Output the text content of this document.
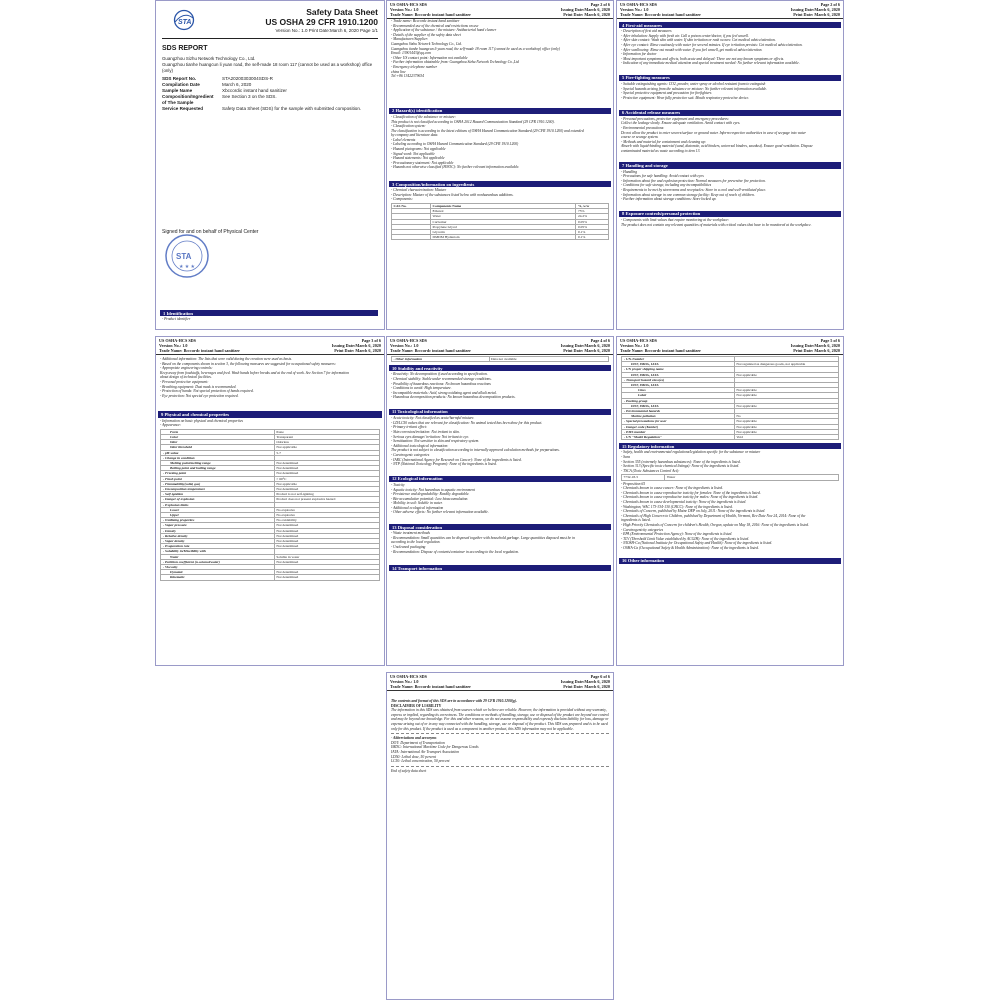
STA
Safety Data Sheet
US OSHA 29 CFR 1910.1200
Version No.: 1.0 Print Date:March 6, 2020 Page 1/1
SDS REPORT
Guangzhou Sizhu Network Technology Co., Ltd.
Guangzhou tianhe huangcun li yuan road, the self-made 18 room 117 (cannot be used as a workshop) office (only)
SDS Report No.	STA20200303004SDS-R
Compilation Date	March 6, 2020
Sample Name	Xbccordic instant hand sanitizer
Composition/Ingredient	See Section 3 on the SDS.
of The Sample
Service Requested	Safety Data Sheet (SDS) for the sample with submitted composition.
Signed for and on behalf of Physical Center
STA
★ ★ ★
1 Identification
- Product identifier
US OSHA-HCS SDS	Page 2 of 6
Version No.: 1.0	Issuing Date:March 6, 2020
Trade Name: Bcccordc instant hand sanitizer	Print Date: March 6, 2020
- Trade name: Bcccordc instant hand sanitizer
- Recommended use of the chemical and restrictions on use
- Application of the substance / the mixture: Antibacterial hand cleaner
- Details of the supplier of the safety data sheet
- Manufacturer/Supplier:
Guangzhou Sizhu Network Technology Co., Ltd.
Guangzhou tianhe huangcun li yuan road, the self-made 18 room 117 (cannot be used as a workshop) office (only)
Email: 13901443@qq.com
- Other US contact point: Information not available
- Further information obtainable from: Guangzhou Sizhu Network Technology Co.,Ltd
- Emergency telephone number
china line
Tel:+86 13422379634
2 Hazard(s) identification
- Classification of the substance or mixture:
This product is not classified according to OSHA 2012 Hazard Communication Standard (29 CFR 1910.1200).
- Classification system:
The classification is according to the latest editions of OSHA Hazard Communication Standard (29 CFR 1910.1200) and extended
by company and literature data.
- Label elements
- Labeling according to OSHA Hazard Communication Standard (29 CFR 1910.1200)
- Hazard pictograms: Not applicable
- Signal word: Not applicable
- Hazard statements: Not applicable
- Precautionary statement: Not applicable
- Hazards not otherwise classified (HNOC): No further relevant information available.
3 Composition/information on ingredients
- Chemical characterization: Mixture
- Description: Mixture of the substances listed below with nonhazardous additions.
- Components:
CAS No.	Components Name	%, w/w
	Ethanol	75%
	Water	24.2%
	Carbomer	0.05%
	Propylene Glycol	0.05%
	Glycerin	0.1%
	DMDM Hydantoin	0.1%
US OSHA-HCS SDS	Page 2 of 6
Version No.: 1.0	Issuing Date:March 6, 2020
Trade Name: Bcccordc instant hand sanitizer	Print Date: March 6, 2020
4 First-aid measures
- Description of first aid measures
- After inhalation: Supply with fresh air. Call a poison center/doctor, if you feel unwell.
- After skin contact: Wash skin with water. If skin irritation or rash occurs: Get medical advice/attention.
- After eye contact: Rinse cautiously with water for several minutes. If eye irritation persists: Get medical advice/attention.
- After swallowing: Rinse out mouth with water. If you feel unwell, get medical advice/attention.
- Information for doctor
- Most important symptoms and effects, both acute and delayed: There are not any known symptoms or effects.
- Indication of any immediate medical attention and special treatment needed: No further relevant information available.
5 Fire-fighting measures
- Suitable extinguishing agents: CO2, powder, water spray or alcohol resistant foam to extinguish
- Special hazards arising from the substance or mixture: No further relevant information available.
- Special protective equipment and precaution for firefighters
- Protective equipment: Wear fully protective suit. Mouth respiratory protective device.
6 Accidental release measures
- Personal precautions, protective equipment and emergency procedures:
Collect the leakage slowly. Ensure adequate ventilation. Avoid contact with eyes.
- Environmental precautions:
Do not allow the product to enter sewers/surface or ground water. Inform respective authorities in case of seepage into water
course or sewage system.
- Methods and material for containment and cleaning up:
Absorb with liquid-binding material (sand, diatomite, acid binders, universal binders, sawdust). Ensure good ventilation. Dispose
contaminated material as waste according to item 13.
7 Handling and storage
- Handling
- Precautions for safe handling: Avoid contact with eyes
- Information about fire and explosion protection: Normal measures for preventive fire protection.
- Conditions for safe storage, including any incompatibilities
- Requirements to be met by storerooms and receptacles: Store in a cool and well-ventilated place.
- Information about storage in one common storage facility: Keep out of reach of children.
- Further information about storage conditions: Store locked up.
8 Exposure controls/personal protection
- Components with limit values that require monitoring at the workplace:
The product does not contain any relevant quantities of materials with critical values that have to be monitored at the workplace.
US OSHA-HCS SDS	Page 3 of 6
Version No.: 1.0	Issuing Date:March 6, 2020
Trade Name: Bcccordc instant hand sanitizer	Print Date: March 6, 2020
- Additional information: The lists that were valid during the creation were used as basis.
- Based on the components shown in section 3, the following measures are suggested for occupational safety measures:
- Appropriate engineering controls:
Keep away from foodstuffs, beverages and feed. Wash hands before breaks and at the end of work. See Section 7 for information
about design of technical facilities.
- Personal protective equipment:
- Breathing equipment: Dust mask is recommended.
- Protection of hands: Not special protection of hands required.
- Eye protection: Not special eye protection required.
9 Physical and chemical properties
- Information on basic physical and chemical properties
- Appearance:
Form	Paste
Color	Transparent
Odor	Odorless
Odor threshold	Not applicable
- pH-value	5-7
- Change in condition	
Melting point/melting range	Not determined
Boiling point and boiling range	Not determined
- Freezing point	Not determined
- Flash point	> 60°C
- Flammability(solid, gas)	Not applicable
- Decomposition temperature	Not determined
- Self-ignition	Product is not self-igniting
- Danger of explosion	Product does not present explosive hazard
- Explosion limits	
Lower	No explosive
Upper	No explosive
- Oxidizing properties	No oxidability
- Vapor pressure	Not determined
- Density	Not determined
- Relative density	Not determined
- Vapor density	Not determined
- Evaporation rate	Not determined
- Solubility in/Miscibility with	
Water	Soluble in water
- Partition coefficient (n-octanol/water)	Not determined
- Viscosity	
Dynamic	Not determined
Kinematic	Not determined
US OSHA-HCS SDS	Page 4 of 6
Version No.: 1.0	Issuing Date:March 6, 2020
Trade Name: Bcccordc instant hand sanitizer	Print Date: March 6, 2020
- Other information	Data not available
10 Stability and reactivity
- Reactivity: No decomposition if used according to specification.
- Chemical stability: Stable under recommended storage conditions.
- Possibility of hazardous reactions: No known hazardous reactions
- Conditions to avoid: High temperature.
- Incompatible materials: Acid, strong oxidizing agent and alkali metal.
- Hazardous decomposition products: No known hazardous decomposition products.
11 Toxicological information
- Acute toxicity: Not classified as acute/harmful mixture.
- LD/LC50 values that are relevant for classification: No animal tested has been done for this product.
- Primary irritant effect:
- Skin corrosion/irritation: Not irritant to skin.
- Serious eyes damage/ irritation: Not irritant to eye.
- Sensitization: Not sensitive to skin and respiratory system.
- Additional toxicological information:
The product is not subject to classification according to internally approved calculation methods for preparations.
- Carcinogenic categories
- IARC (International Agency for Research on Cancer): None of the ingredients is listed.
- NTP (National Toxicology Program): None of the ingredients is listed.
12 Ecological information
- Toxicity
- Aquatic toxicity: Not hazardous to aquatic environment
- Persistence and degradability: Readily degradable.
- Bio-accumulative potential: Low bioaccumulation.
- Mobility in soil: Soluble in water.
- Additional ecological information
- Other adverse effects: No further relevant information available.
13 Disposal consideration
- Waste treatment methods
- Recommendation: Small quantities can be disposed together with household garbage. Large quantities disposed must be in
according to the local regulation.
- Uncleaned packaging
- Recommendation: Dispose of contents/container in according to the local regulation.
14 Transport information
US OSHA-HCS SDS	Page 5 of 6
Version No.: 1.0	Issuing Date:March 6, 2020
Trade Name: Bcccordc instant hand sanitizer	Print Date: March 6, 2020
- UN-Number	
DOT, IMDG, IATA	Not regulated as dangerous goods, not applicable
- UN proper shipping name	
DOT, IMDG, IATA	Not applicable
- Transport hazard class(es)	
DOT, IMDG, IATA	
Class	Not applicable
Label	Not applicable
- Packing group	
DOT, IMDG, IATA	Not applicable
- Environmental hazards	
Marine pollution	No
- Special precautions for user	Not applicable
- Danger code (Kemler)	Not applicable
- EMS number	Not applicable
- UN "Model Regulation"	Void
15 Regulatory information
- Safety, health and environmental regulations/legislation specific for the substance or mixture
- Sara
- Section 355 (extremely hazardous substances): None of the ingredients is listed.
- Section 313 (Specific toxic chemical listings): None of the ingredients is listed.
- TSCA (Toxic Substances Control Act):
7732-18-5	Water
- Proposition 65
- Chemicals known to cause cancer: None of the ingredients is listed.
- Chemicals known to cause reproductive toxicity for females: None of the ingredients is listed.
- Chemicals known to cause reproductive toxicity for males: None of the ingredients is listed.
- Chemicals known to cause developmental toxicity: None of the ingredients is listed.
- Washington, WAC 173-334-130 (CHCC): None of the ingredients is listed.
- Chemicals of Concern, published by Maine DEP on July, 2011: None of the ingredients is listed.
- Chemicals of High Concern to Children, published by Department of Health, Vermont, Rev Date Nov 24, 2014: None of the
ingredients is listed.
- High Priority Chemicals of Concern for children's Health, Oregon, update on May 18, 2016: None of the ingredients is listed.
- Carcinogenicity categories
- EPA (Environmental Protection Agency): None of the ingredients is listed.
- TLV (Threshold Limit Value established by ACGIH): None of the ingredients is listed.
- NIOSH-Ca (National Institute for Occupational Safety and Health): None of the ingredients is listed.
- OSHA-Ca (Occupational Safety & Health Administration): None of the ingredients is listed.
16 Other information
US OSHA-HCS SDS	Page 6 of 6
Version No.: 1.0	Issuing Date:March 6, 2020
Trade Name: Bcccordc instant hand sanitizer	Print Date: March 6, 2020
The contents and format of this SDS are in accordance with 29 CFR 1910.1200(g).
DISCLAIMER OF LIABILITY
The information in this SDS was obtained from sources which we believe are reliable. However, the information is provided without any warranty, express or implied, regarding its correctness. The conditions or methods of handling, storage, use or disposal of the product are beyond our control and may be beyond our knowledge. For this and other reasons, we do not assume responsibility and expressly disclaim liability for loss, damage or expense arising out of or in any way connected with the handling, storage, use or disposal of the product. This SDS was prepared and is to be used only for this product. If the product is used as a component in another product, this SDS information may not be applicable.
- Abbreviations and acronyms
DOT: Department of Transportation
IMDG: International Maritime Code for Dangerous Goods
IATA: International Air Transport Association
LD50: Lethal dose, 50 percent
LC50: Lethal concentration, 50 percent
End of safety data sheet
